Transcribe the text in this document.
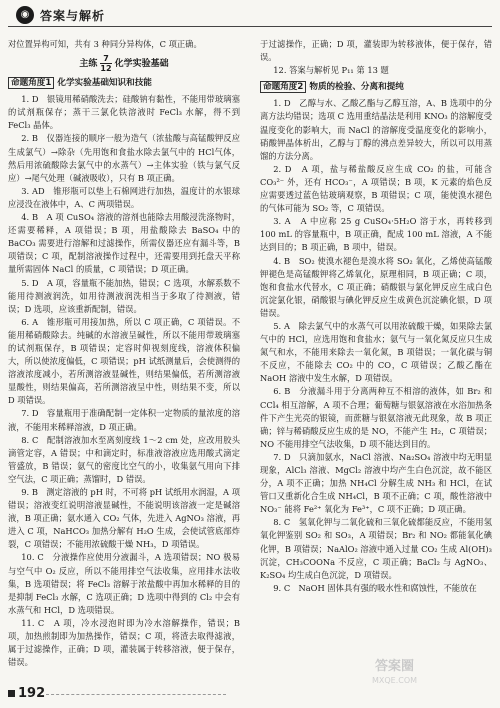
◉ 答案与解析

对位置异构可知，共有 3 种同分异构体，C 项正确。

主练 $\frac{7}{12}$ 化学实验基础
命题角度1 化学实验基础知识和技能

1. D　银镜用稀硝酸洗去；硅酸钠有黏性，不能用带玻璃塞的试剂瓶保存；蒸干三氯化铁溶液时 FeCl₃ 水解，得不到 FeCl₃ 晶体。

2. B　仪器连接的顺序一般为造气（浓盐酸与高锰酸钾反应生成氯气）→除杂（先用饱和食盐水除去氯气中的 HCl气体，然后用浓硫酸除去氯气中的水蒸气）→主体实验（铁与氯气反应）→尾气处理（碱液吸收），只有 B 项正确。

3. AD　锥形瓶可以垫上石棉网进行加热，温度计的水银球应浸没在液体中，A、C 两项错误。

4. B　A 项 CuSO₄ 溶液的溶剂也能除去用酸浸洗涤物时，还需要稀释，A 项错误；B 项，用盐酸除去 BaSO₄ 中的 BaCO₃ 需要进行溶解和过滤操作，所需仪器还应有漏斗等，B项错误；C 项，配制溶液操作过程中，还需要用到托盘天平称量所需固体 NaCl 的质量，C 项错误；D 项正确。

5. D　A 项，容量瓶不能加热，错误；C 选项，水解系数不能用待测液润洗，如用待测液润洗相当于多取了待测液，错误；D 选项，应该重新配制，错误。

6. A　锥形瓶可用接加热，所以 C 项正确，C 项错误。不能用稀硝酸除去。纯碱的水溶液呈碱性，所以不能用带玻璃塞的试剂瓶保存，B 项错误；定容时仰视刻度线，溶液体积偏大，所以使浓度偏低，C 项错误；pH 试纸测量后，会使测得的溶液浓度减小，若所测溶液显碱性，则结果偏低，若所测溶液显酸性，则结果偏高，若所测溶液呈中性，则结果不变，所以 D 项错误。

7. D　容量瓶用于准确配制一定体积一定物质的量浓度的溶液，不能用来稀释溶液，D 项正确。

8. C　配制溶液加水至离刻度线 1～2 cm 处，应改用胶头滴管定容，A 错误；中和滴定时，标准液溶液应选用酸式滴定管盛放，B 错误；氨气的密度比空气的小，收集氨气用向下排空气法，C 项正确；蒸馏时，D 错误。

9. B　测定溶液的 pH 时，不可将 pH 试纸用水润湿，A 项错误；溶液变红说明溶液显碱性，不能说明该溶液一定是碱溶液，B 项正确；氨水通入 CO₂ 气体，先进入 AgNO₃ 溶液，再进入 C 项，NaHCO₃ 加热分解有 H₂O 生成，会使试管底部炸裂，C 项错误；不能用浓硫酸干燥 NH₃，D 项错误。

10. C　分液操作应使用分液漏斗，A 选项错误；NO 极易与空气中 O₂ 反应，所以不能用排空气法收集，应用排水法收集，B 选项错误；将 FeCl₃ 溶解于浓盐酸中再加水稀释的目的是抑制 FeCl₃ 水解，C 选项正确；D 选项中得到的 Cl₂ 中会有水蒸气和 HCl，D 选项错误。

11. C　A 项，冷水浸泡时即为冷水溶解操作，错误；B 项，加热煎制即为加热操作，错误；C 项，将渣去取得滤液，属于过滤操作，正确；D 项，灌装属于转移溶液，便于保存，错误。

于过滤操作，正确；D 项，灌装即为转移液体，便于保存，错误。

12. 答案与解析见 P₁₁ 第 13 题

命题角度2 物质的检验、分离和提纯

1. D　乙醇与水、乙酸乙酯与乙醇互溶，A、B 选项中的分离方法均错误；选项 C 选用重结晶法是利用 KNO₃ 的溶解度受温度变化的影响大，而 NaCl 的溶解度受温度变化的影响小，硝酸钾晶体析出，乙醇与丁醇的沸点差异较大，所以可以用蒸馏的方法分离。

2. D　A 项，盐与稀盐酸反应生成 CO₂ 的盐，可能含 CO₃²⁻ 外，还有 HCO₃⁻，A 项错误；B 项，K 元素的焰色反应需要透过蓝色钴玻璃观察，B 项错误；C 项，能使溴水褪色的气体可能为 SO₂ 等，C 项错误。

3. A　A 中应称 25 g CuSO₄·5H₂O 溶于水，再转移到100 mL 的容量瓶中，B 项正确，配成 100 mL 溶液，A 不能达到目的；B 项正确，B 项中，错误。

4. B　SO₂ 使溴水褪色是溴水将 SO₂ 氧化，乙烯使高锰酸钾褪色是高锰酸钾将乙烯氧化，原理相同，B 项正确；C 项，饱和食盐水代替水，C 项正确；硝酸银与氯化钾反应生成白色沉淀氯化银，硝酸银与碘化钾反应生成黄色沉淀碘化银，D 项错误。

5. A　除去氯气中的水蒸气可以用浓硫酸干燥，如果除去氯气中的 HCl，应选用饱和食盐水；氨气与一氧化氮反应只生成氮气和水，不能用来除去一氧化氮，B 项错误；一氧化碳与铜不反应，不能除去 CO₂ 中的 CO，C 项错误；乙酸乙酯在 NaOH 溶液中发生水解，D 项错误。

6. B　分液漏斗用于分离两种互不相溶的液体，如 Br₂ 和 CCl₄ 相互溶解，A 项不合理；葡萄糖与银氨溶液在水浴加热条件下产生光亮的银镜，而蔗糖与银氨溶液无此现象，故 B 项正确；锌与稀硝酸反应生成的是 NO，不能产生 H₂，C 项错误；NO 不能用排空气法收集，D 项不能达到目的。

7. D　只滴加氨水，NaCl 溶液、Na₂SO₄ 溶液中均无明显现象，AlCl₃ 溶液、MgCl₂ 溶液中均产生白色沉淀，故不能区分，A 项不正确；加热 NH₄Cl 分解生成 NH₃ 和 HCl，在试管口又重新化合生成 NH₄Cl，B 项不正确；C 项，酸性溶液中 NO₃⁻ 能将 Fe²⁺ 氧化为 Fe³⁺，C 项不正确；D 项正确。

8. C　氢氧化钾与二氧化硫和三氧化硫都能反应，不能用氢氧化钾鉴别 SO₂ 和 SO₃，A 项错误；Br₂ 和 NO₂ 都能氧化碘化钾，B 项错误；NaAlO₂ 溶液中通入过量 CO₂ 生成 Al(OH)₃ 沉淀，CH₃COONa 不反应，C 项正确；BaCl₂ 与 AgNO₃、K₂SO₄ 均生成白色沉淀，D 项错误。

9. C　NaOH 固体具有强的吸水性和腐蚀性，不能放在

192
答案圈
MXQE.COM
